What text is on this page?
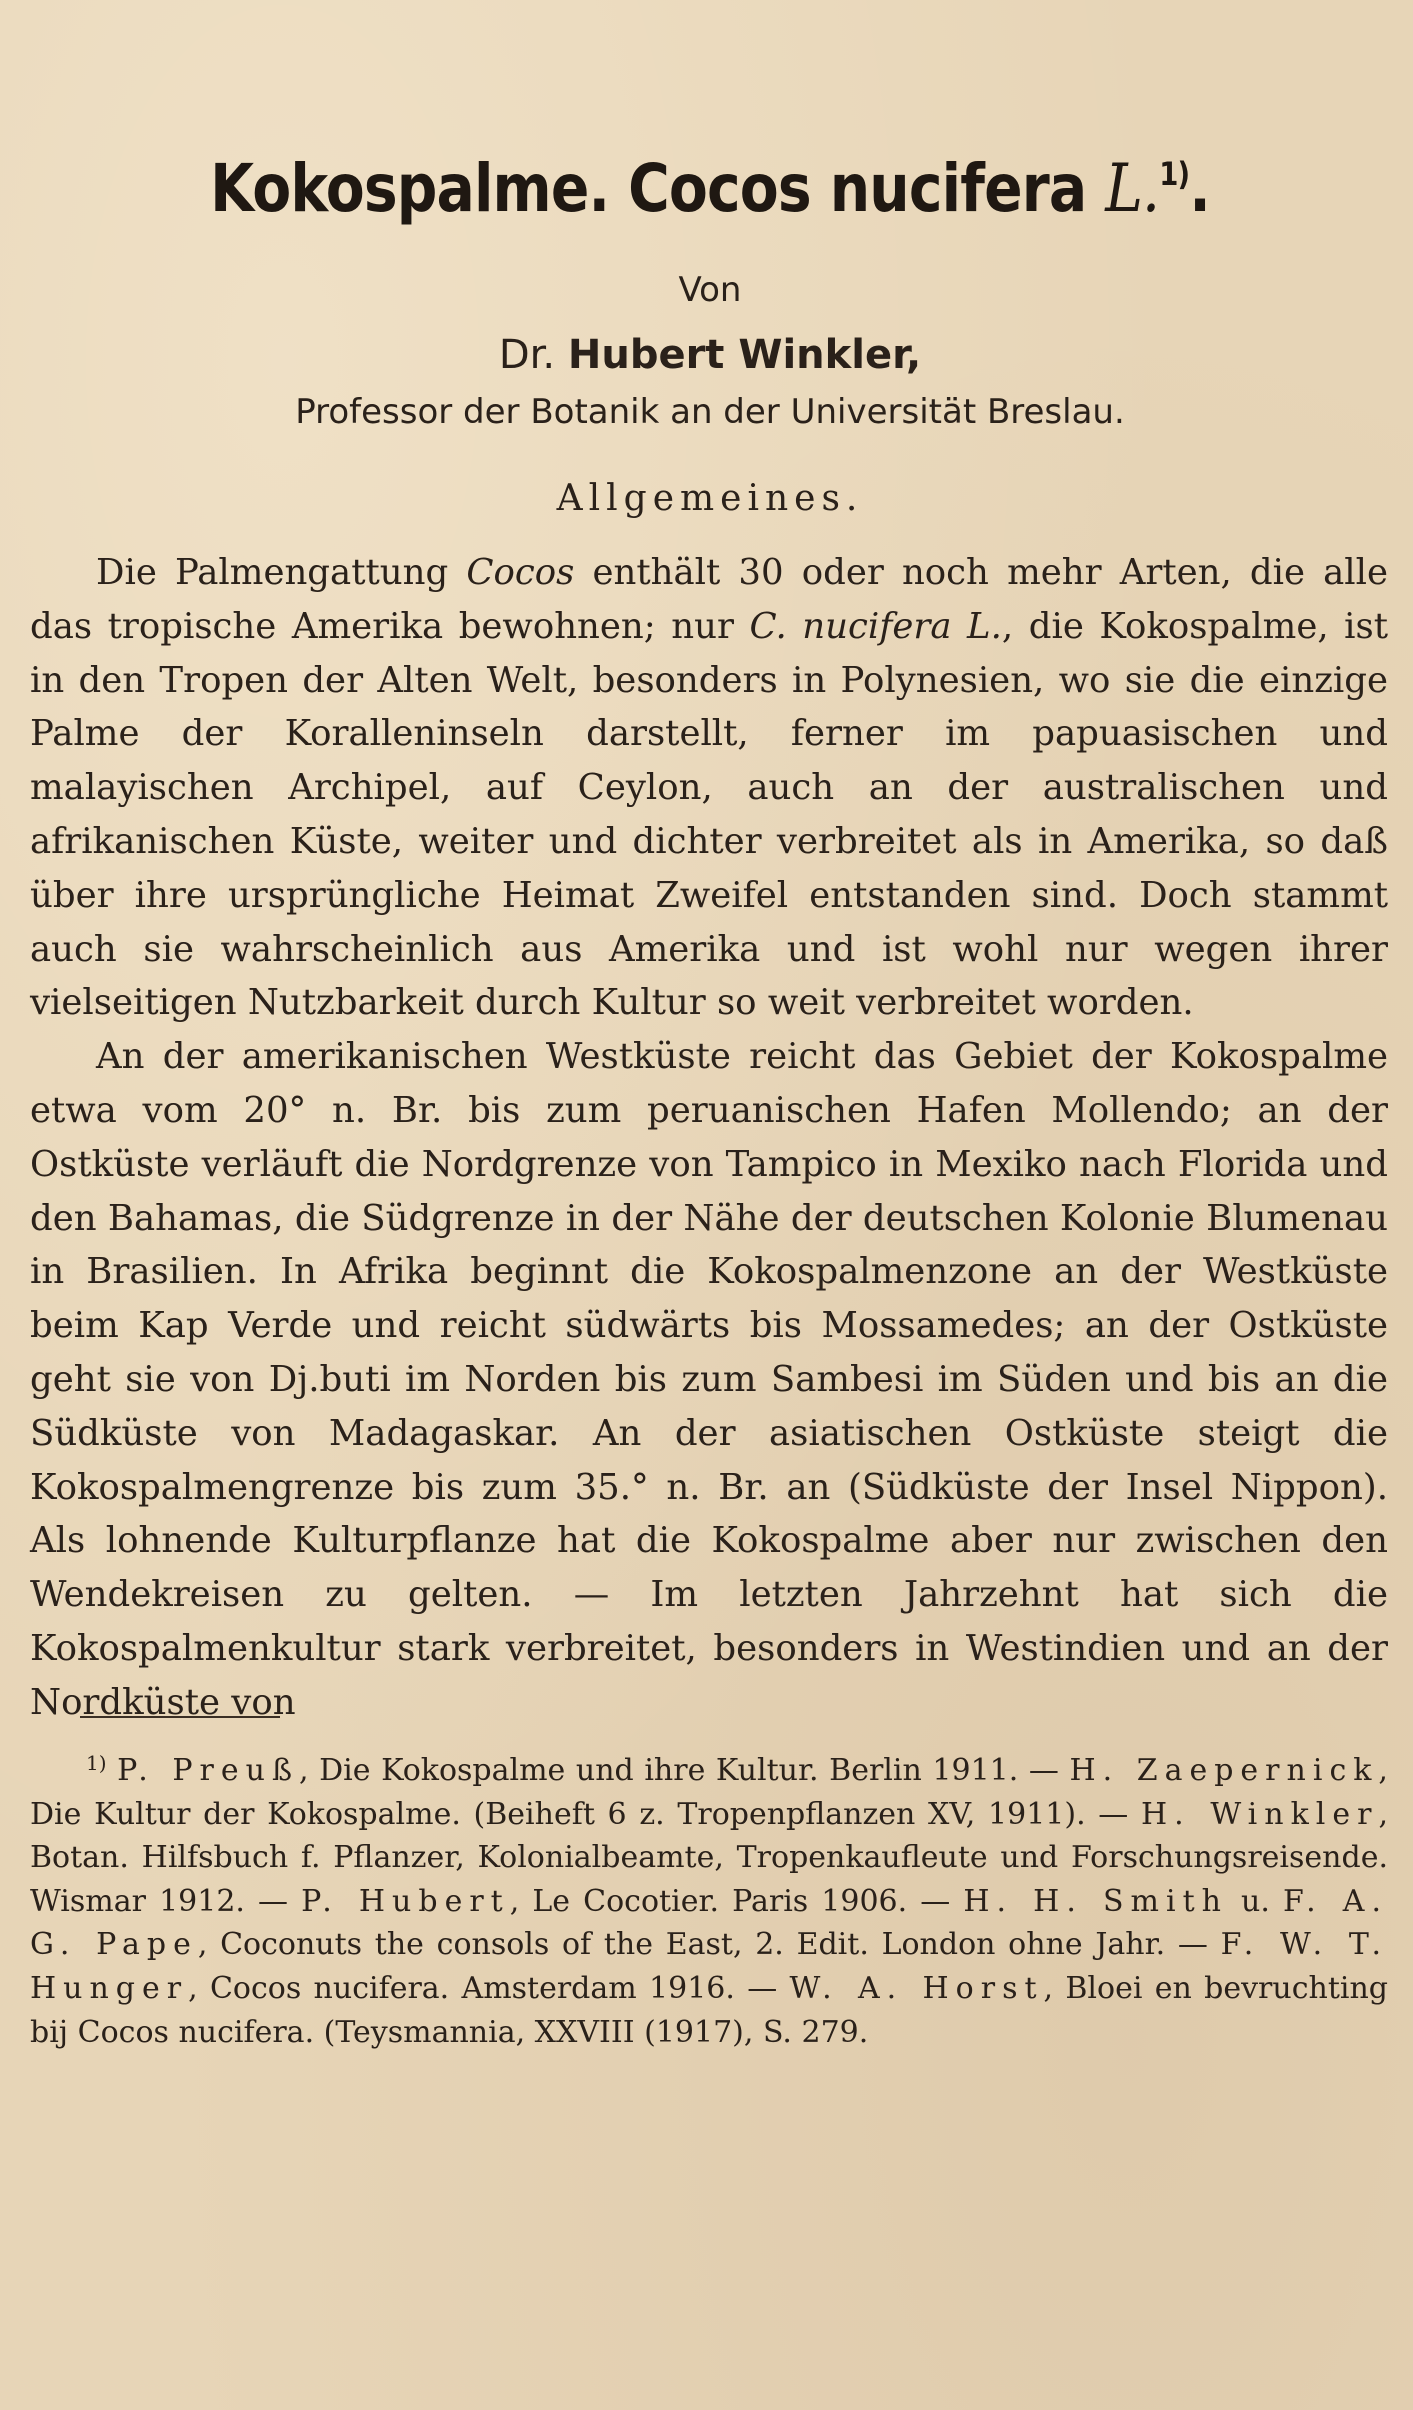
Kokospalme. Cocos nucifera L.$^{1)}$.
Von
Dr. Hubert Winkler,
Professor der Botanik an der Universität Breslau.
Allgemeines.

Die Palmengattung Cocos enthält 30 oder noch mehr Arten, die alle das tropische Amerika bewohnen; nur C. nucifera L., die Kokospalme, ist in den Tropen der Alten Welt, besonders in Polynesien, wo sie die einzige Palme der Koralleninseln darstellt, ferner im papuasischen und malayischen Archipel, auf Ceylon, auch an der australischen und afrikanischen Küste, weiter und dichter verbreitet als in Amerika, so daß über ihre ursprüngliche Heimat Zweifel entstanden sind. Doch stammt auch sie wahrscheinlich aus Amerika und ist wohl nur wegen ihrer vielseitigen Nutzbarkeit durch Kultur so weit verbreitet worden.

An der amerikanischen Westküste reicht das Gebiet der Kokospalme etwa vom 20° n. Br. bis zum peruanischen Hafen Mollendo; an der Ostküste verläuft die Nordgrenze von Tampico in Mexiko nach Florida und den Bahamas, die Südgrenze in der Nähe der deutschen Kolonie Blumenau in Brasilien. In Afrika beginnt die Kokospalmenzone an der Westküste beim Kap Verde und reicht südwärts bis Mossamedes; an der Ostküste geht sie von Dj.buti im Norden bis zum Sambesi im Süden und bis an die Südküste von Madagaskar. An der asiatischen Ostküste steigt die Kokospalmengrenze bis zum 35.° n. Br. an (Südküste der Insel Nippon). Als lohnende Kulturpflanze hat die Kokospalme aber nur zwischen den Wendekreisen zu gelten. — Im letzten Jahrzehnt hat sich die Kokospalmenkultur stark verbreitet, besonders in Westindien und an der Nordküste von

$^{1)}$ P. Preuß, Die Kokospalme und ihre Kultur. Berlin 1911. — H. Zaepernick, Die Kultur der Kokospalme. (Beiheft 6 z. Tropenpflanzen XV, 1911). — H. Winkler, Botan. Hilfsbuch f. Pflanzer, Kolonialbeamte, Tropenkaufleute und Forschungsreisende. Wismar 1912. — P. Hubert, Le Cocotier. Paris 1906. — H. H. Smith u. F. A. G. Pape, Coconuts the consols of the East, 2. Edit. London ohne Jahr. — F. W. T. Hunger, Cocos nucifera. Amsterdam 1916. — W. A. Horst, Bloei en bevruchting bij Cocos nucifera. (Teysmannia, XXVIII (1917), S. 279.
